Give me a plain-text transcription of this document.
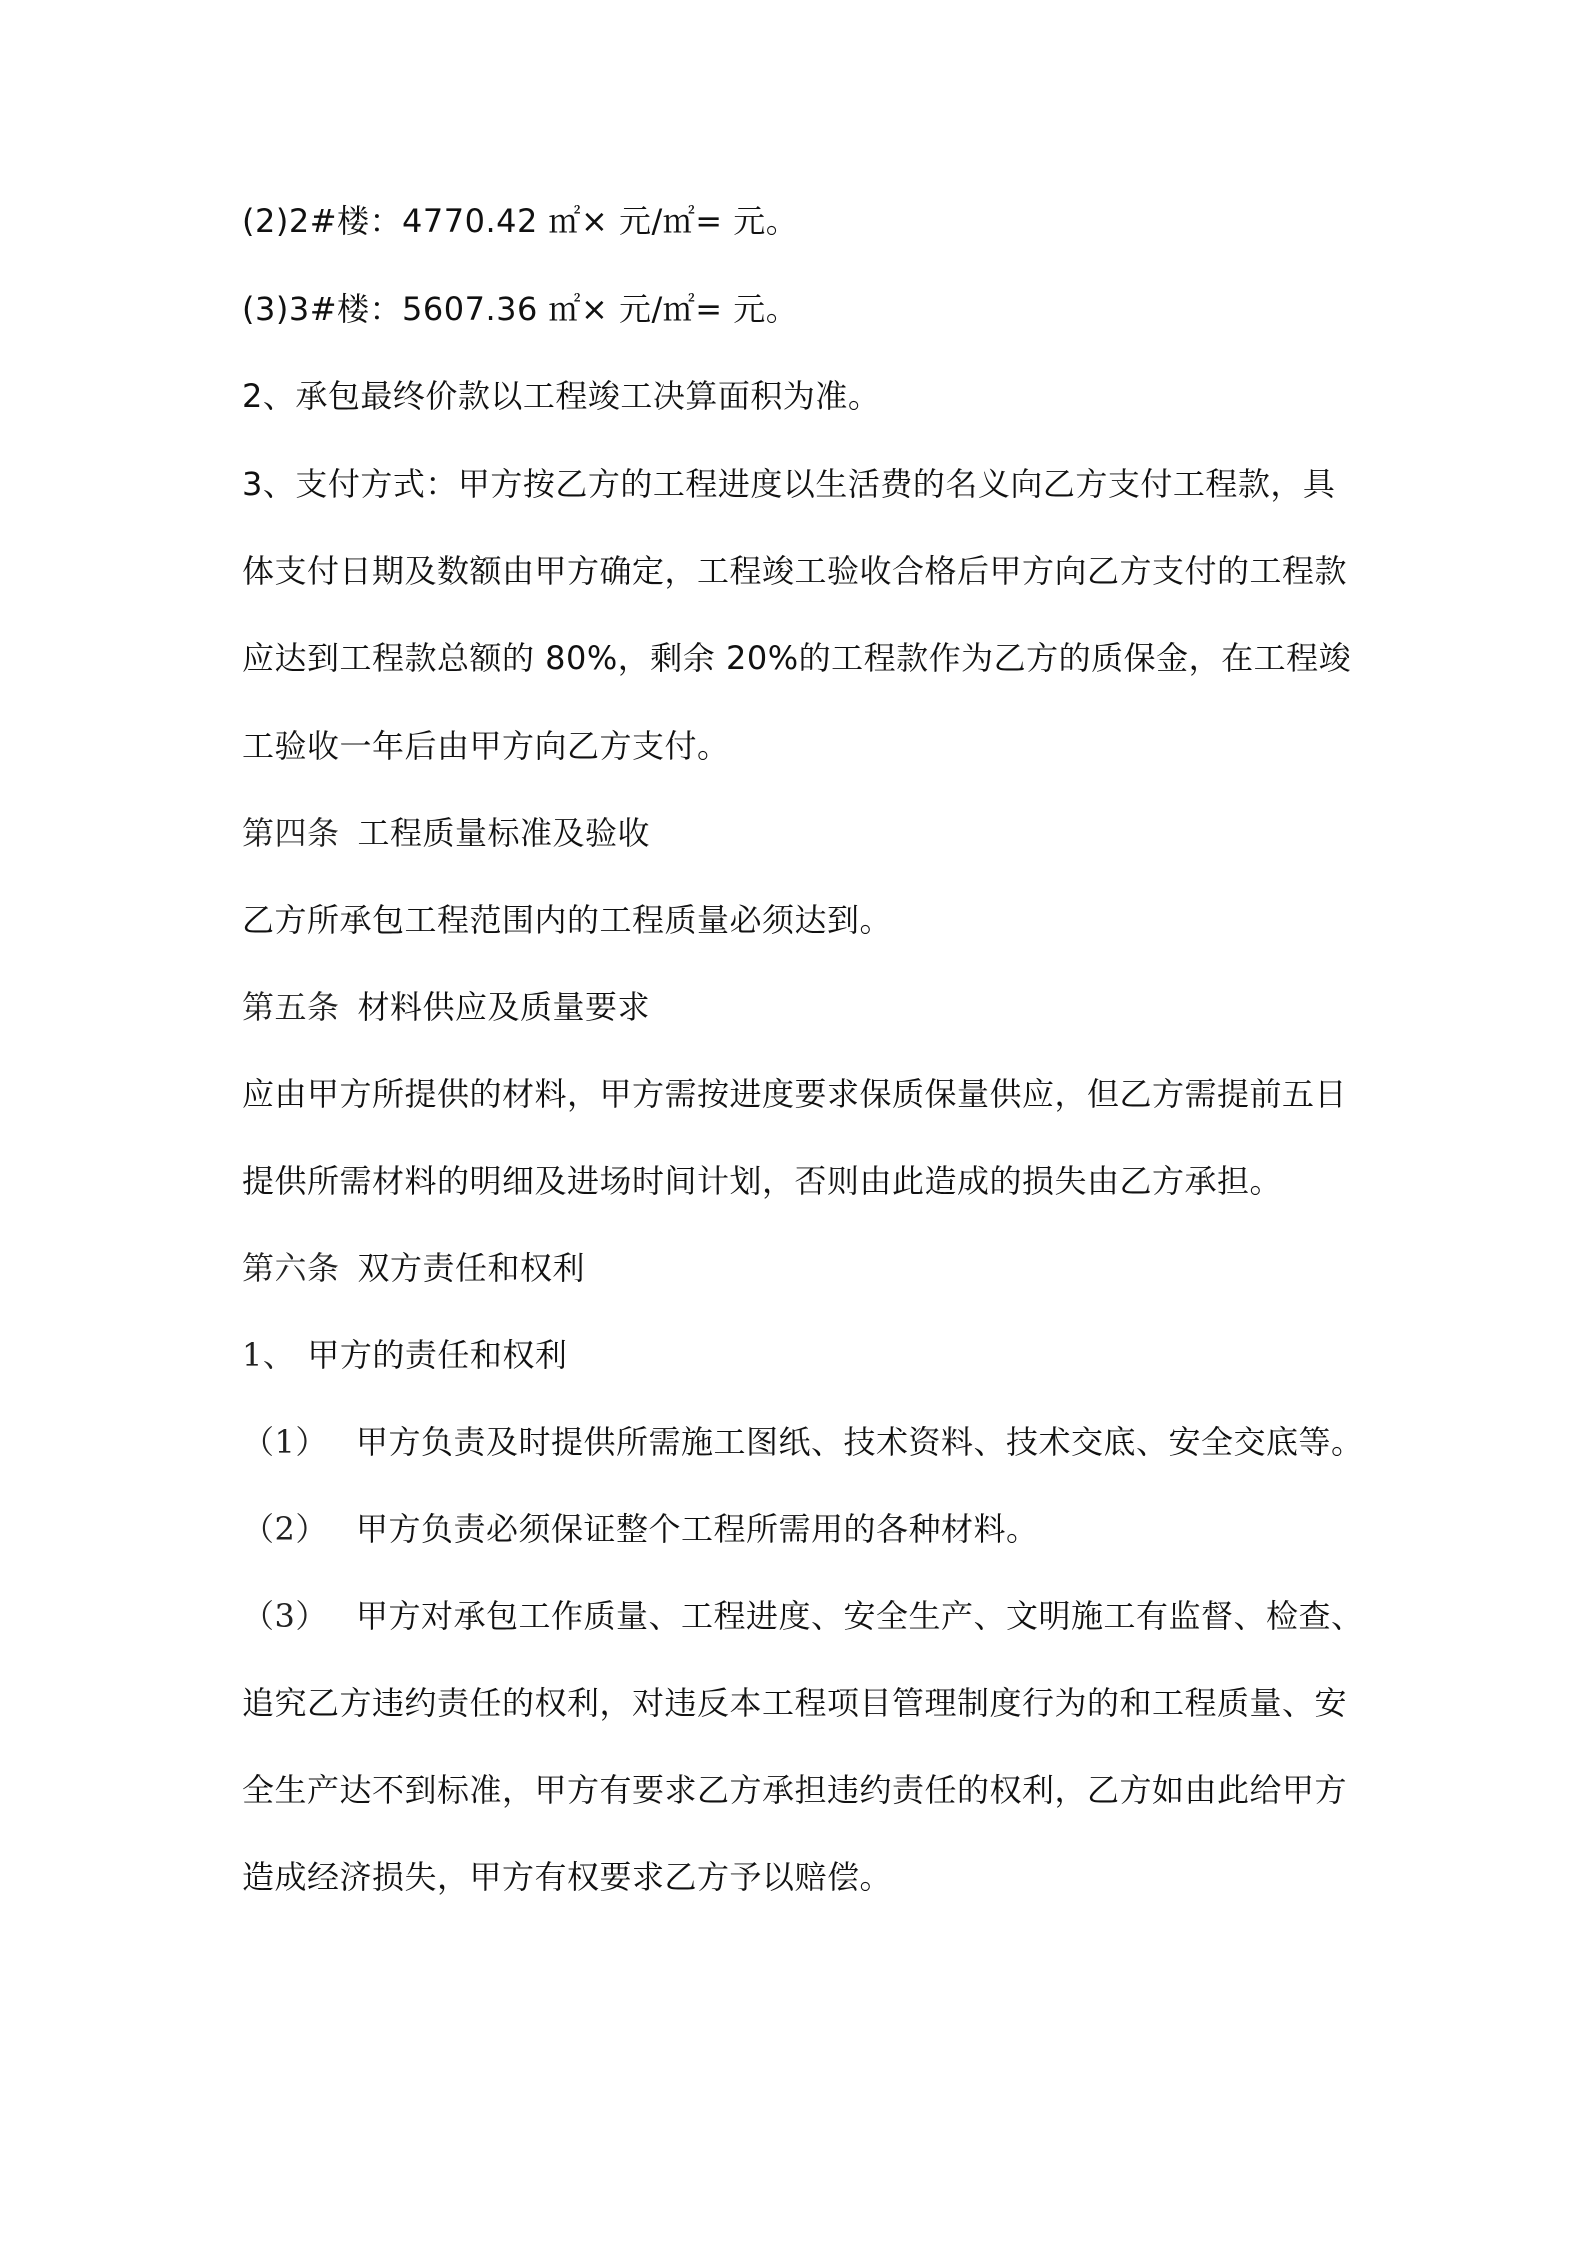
(2)2#楼：4770.42 ㎡× 元/㎡= 元。
(3)3#楼：5607.36 ㎡× 元/㎡= 元。
2、承包最终价款以工程竣工决算面积为准。
3、支付方式：甲方按乙方的工程进度以生活费的名义向乙方支付工程款，具
体支付日期及数额由甲方确定，工程竣工验收合格后甲方向乙方支付的工程款
应达到工程款总额的 80%，剩余 20%的工程款作为乙方的质保金，在工程竣
工验收一年后由甲方向乙方支付。
第四条 工程质量标准及验收
乙方所承包工程范围内的工程质量必须达到。
第五条 材料供应及质量要求
应由甲方所提供的材料，甲方需按进度要求保质保量供应，但乙方需提前五日
提供所需材料的明细及进场时间计划，否则由此造成的损失由乙方承担。
第六条 双方责任和权利
1、 甲方的责任和权利
（1） 甲方负责及时提供所需施工图纸、技术资料、技术交底、安全交底等。
（2） 甲方负责必须保证整个工程所需用的各种材料。
（3） 甲方对承包工作质量、工程进度、安全生产、文明施工有监督、检查、
追究乙方违约责任的权利，对违反本工程项目管理制度行为的和工程质量、安
全生产达不到标准，甲方有要求乙方承担违约责任的权利，乙方如由此给甲方
造成经济损失，甲方有权要求乙方予以赔偿。
